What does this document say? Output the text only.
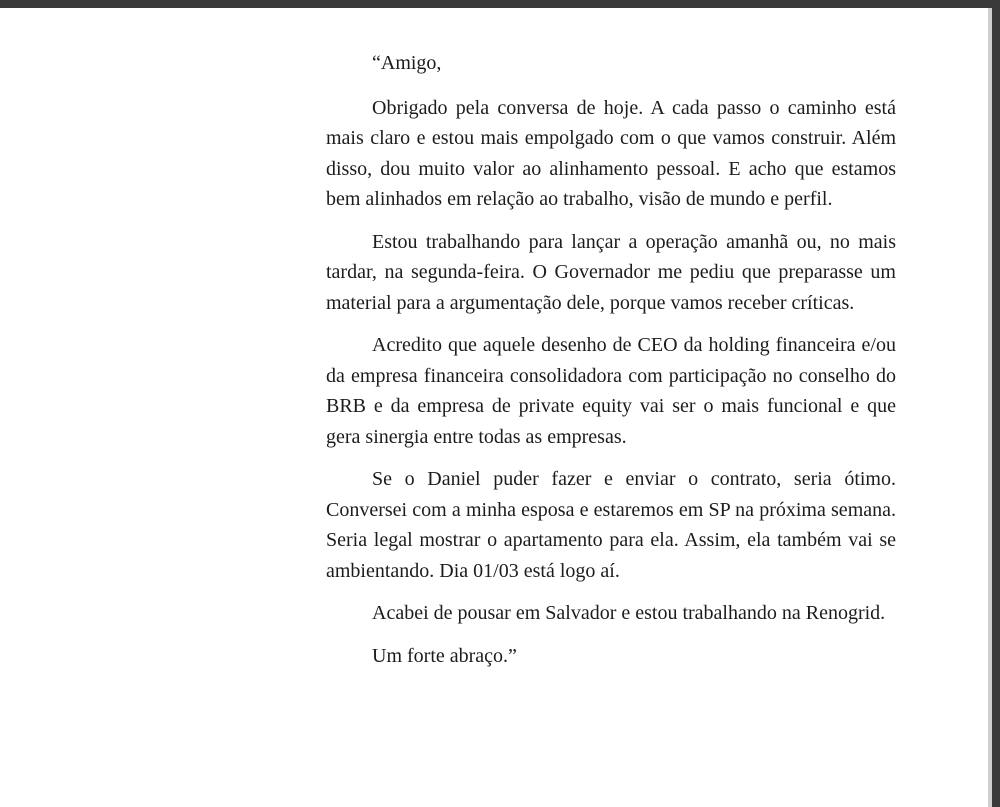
“Amigo,

Obrigado pela conversa de hoje. A cada passo o caminho está mais claro e estou mais empolgado com o que vamos construir. Além disso, dou muito valor ao alinhamento pessoal. E acho que estamos bem alinhados em relação ao trabalho, visão de mundo e perfil.

Estou trabalhando para lançar a operação amanhã ou, no mais tardar, na segunda-feira. O Governador me pediu que preparasse um material para a argumentação dele, porque vamos receber críticas.

Acredito que aquele desenho de CEO da holding financeira e/ou da empresa financeira consolidadora com participação no conselho do BRB e da empresa de private equity vai ser o mais funcional e que gera sinergia entre todas as empresas.

Se o Daniel puder fazer e enviar o contrato, seria ótimo. Conversei com a minha esposa e estaremos em SP na próxima semana. Seria legal mostrar o apartamento para ela. Assim, ela também vai se ambientando. Dia 01/03 está logo aí.

Acabei de pousar em Salvador e estou trabalhando na Renogrid.

Um forte abraço.”
